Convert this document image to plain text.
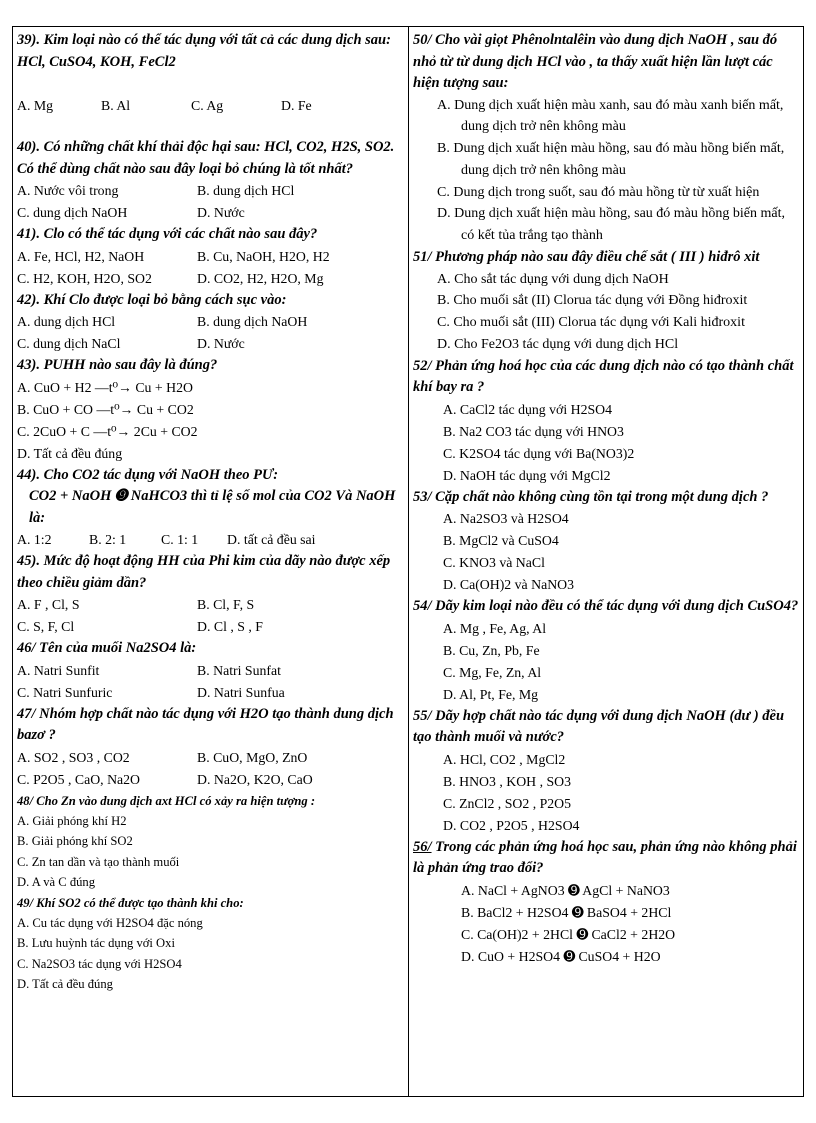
39). Kim loại nào có thể tác dụng với tất cả các dung dịch sau: HCl, CuSO4, KOH, FeCl2
A. Mg	B. Al	C. Ag	D. Fe
40). Có những chất khí thải độc hại sau: HCl, CO2, H2S, SO2. Có thể dùng chất nào sau đây loại bỏ chúng là tốt nhất?
A. Nước vôi trong	B. dung dịch HCl
C. dung dịch NaOH	D. Nước
41). Clo có thể tác dụng với các chất nào sau đây?
A. Fe, HCl, H2, NaOH	B. Cu, NaOH, H2O, H2
C. H2, KOH, H2O, SO2	D. CO2, H2, H2O, Mg
42). Khí Clo được loại bỏ bằng cách sục vào:
A. dung dịch HCl	B. dung dịch NaOH
C. dung dịch NaCl	D. Nước
43). PUHH nào sau đây là đúng?
A. CuO + H2 —t⁰→ Cu + H2O
B. CuO + CO —t⁰→ Cu + CO2
C. 2CuO + C —t⁰→ 2Cu + CO2
D. Tất cả đều đúng
44). Cho CO2 tác dụng với NaOH theo PƯ:
CO2 + NaOH ➒ NaHCO3 thì tỉ lệ số mol của CO2 Và NaOH là:
A. 1:2	B. 2: 1	C. 1: 1 D. tất cả đều sai
45). Mức độ hoạt động HH của Phi kim của dãy nào được xếp theo chiều giảm dần?
A. F , Cl, S	B. Cl, F, S
C. S, F, Cl	D. Cl , S , F
46/ Tên của muối Na2SO4 là:
A. Natri Sunfit	B. Natri Sunfat
C. Natri Sunfuric	D. Natri Sunfua
47/ Nhóm hợp chất nào tác dụng với H2O tạo thành dung dịch bazơ ?
A. SO2 , SO3 , CO2	B. CuO, MgO, ZnO
C. P2O5 , CaO, Na2O	D. Na2O, K2O, CaO
48/ Cho Zn vào dung dịch axt HCl có xảy ra hiện tượng :
A. Giải phóng khí H2
B. Giải phóng khí SO2
C. Zn tan dần và tạo thành muối
D. A và C đúng
49/ Khí SO2 có thể được tạo thành khi cho:
A. Cu tác dụng với H2SO4 đặc nóng
B. Lưu huỳnh tác dụng với Oxi
C. Na2SO3 tác dụng với H2SO4
D. Tất cả đều đúng
50/ Cho vài giọt Phênolntalêin vào dung dịch NaOH , sau đó nhỏ từ từ dung dịch HCl vào , ta thấy xuất hiện lần lượt các hiện tượng sau:
A. Dung dịch xuất hiện màu xanh, sau đó màu xanh biến mất, dung dịch trở nên không màu
B. Dung dịch xuất hiện màu hồng, sau đó màu hồng biến mất, dung dịch trở nên không màu
C. Dung dịch trong suốt, sau đó màu hồng từ từ xuất hiện
D. Dung dịch xuất hiện màu hồng, sau đó màu hồng biến mất, có kết tủa trắng tạo thành
51/ Phương pháp nào sau đây điều chế sắt ( III ) hiđrô xit
A. Cho sắt tác dụng với dung dịch NaOH
B. Cho muối sắt (II) Clorua tác dụng với Đồng hiđroxit
C. Cho muối sắt (III) Clorua tác dụng với Kali hiđroxit
D. Cho Fe2O3 tác dụng với dung dịch HCl
52/ Phản ứng hoá học của các dung dịch nào có tạo thành chất khí bay ra ?
A. CaCl2 tác dụng với H2SO4
B. Na2 CO3 tác dụng với HNO3
C. K2SO4 tác dụng với Ba(NO3)2
D. NaOH tác dụng với MgCl2
53/ Cặp chất nào không cùng tồn tại trong một dung dịch ?
A. Na2SO3 và H2SO4
B. MgCl2 và CuSO4
C. KNO3 và NaCl
D. Ca(OH)2 và NaNO3
54/ Dãy kim loại nào đều có thể tác dụng với dung dịch CuSO4?
A. Mg , Fe, Ag, Al
B. Cu, Zn, Pb, Fe
C. Mg, Fe, Zn, Al
D. Al, Pt, Fe, Mg
55/ Dãy hợp chất nào tác dụng với dung dịch NaOH (dư ) đều tạo thành muối và nước?
A. HCl, CO2 , MgCl2
B. HNO3 , KOH , SO3
C. ZnCl2 , SO2 , P2O5
D. CO2 , P2O5 , H2SO4
56/ Trong các phản ứng hoá học sau, phản ứng nào không phải là phản ứng trao đổi?
A. NaCl + AgNO3 ➒ AgCl + NaNO3
B. BaCl2 + H2SO4 ➒ BaSO4 + 2HCl
C. Ca(OH)2 + 2HCl ➒ CaCl2 + 2H2O
D. CuO + H2SO4 ➒ CuSO4 + H2O
